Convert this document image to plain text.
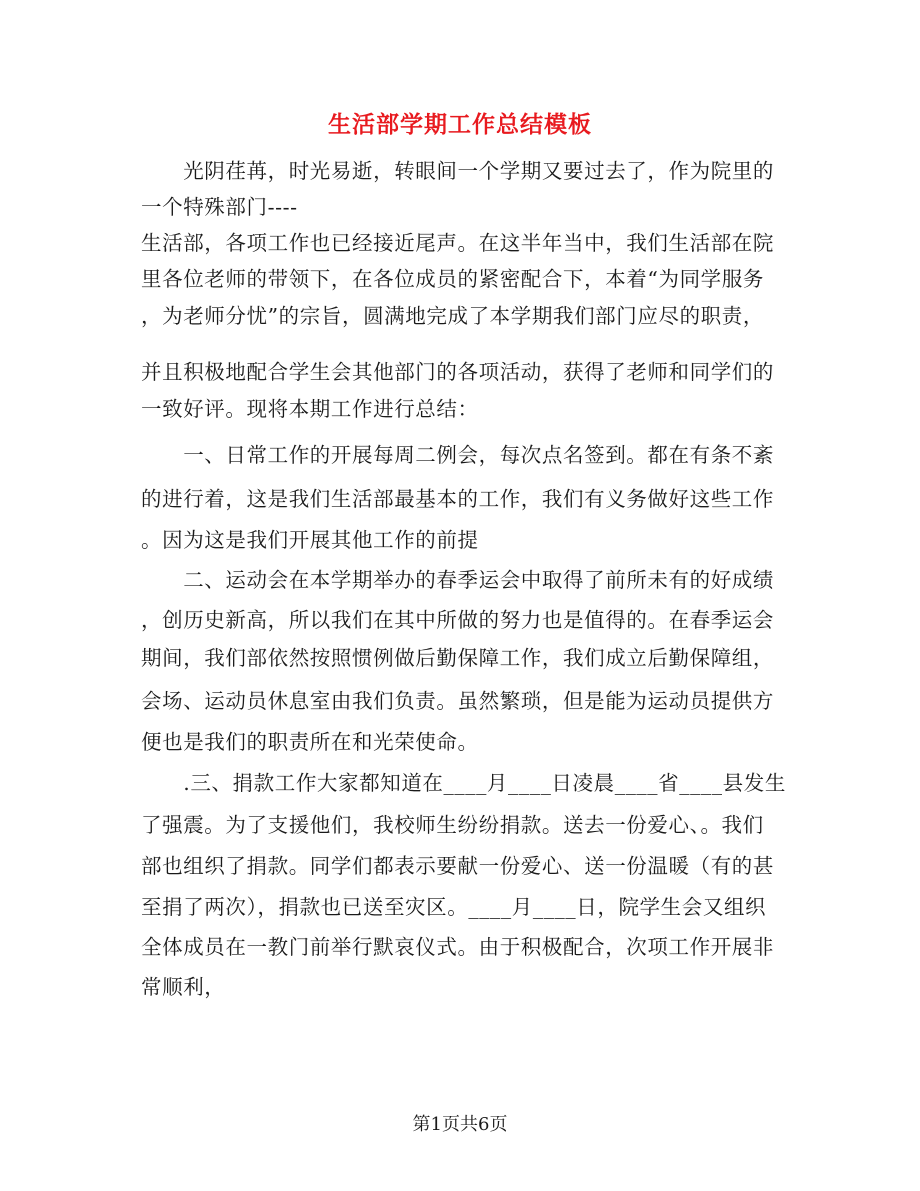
生活部学期工作总结模板

　　光阴荏苒，时光易逝，转眼间一个学期又要过去了，作为院里的

一个特殊部门----

生活部，各项工作也已经接近尾声。在这半年当中，我们生活部在院

里各位老师的带领下，在各位成员的紧密配合下，本着“为同学服务

，为老师分忧”的宗旨，圆满地完成了本学期我们部门应尽的职责，

并且积极地配合学生会其他部门的各项活动，获得了老师和同学们的

一致好评。现将本期工作进行总结：

　　一、日常工作的开展每周二例会，每次点名签到。都在有条不紊

的进行着，这是我们生活部最基本的工作，我们有义务做好这些工作

。因为这是我们开展其他工作的前提

　　二、运动会在本学期举办的春季运会中取得了前所未有的好成绩

，创历史新高，所以我们在其中所做的努力也是值得的。在春季运会

期间，我们部依然按照惯例做后勤保障工作，我们成立后勤保障组，

会场、运动员休息室由我们负责。虽然繁琐，但是能为运动员提供方

便也是我们的职责所在和光荣使命。

　　.三、捐款工作大家都知道在____月____日凌晨____省____县发生

了强震。为了支援他们，我校师生纷纷捐款。送去一份爱心、。我们

部也组织了捐款。同学们都表示要献一份爱心、送一份温暖（有的甚

至捐了两次），捐款也已送至灾区。____月____日，院学生会又组织

全体成员在一教门前举行默哀仪式。由于积极配合，次项工作开展非

常顺利，

第1页共6页
